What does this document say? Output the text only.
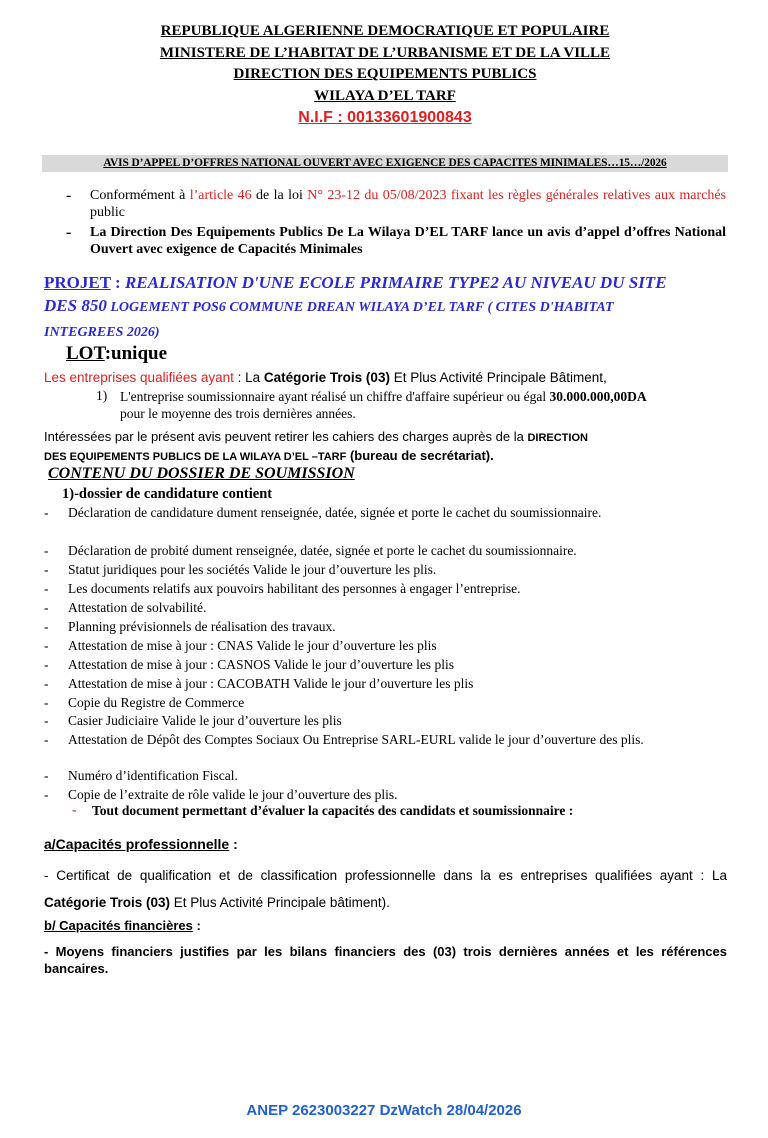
REPUBLIQUE ALGERIENNE DEMOCRATIQUE ET POPULAIRE
MINISTERE DE L’HABITAT DE L’URBANISME ET DE LA VILLE
DIRECTION DES EQUIPEMENTS PUBLICS
WILAYA D’EL TARF
N.I.F : 00133601900843
AVIS D’APPEL D’OFFRES NATIONAL OUVERT AVEC EXIGENCE DES CAPACITES MINIMALES…15…/2026
- Conformément à l’article 46 de la loi N° 23-12 du 05/08/2023 fixant les règles générales relatives aux marchés public
- La Direction Des Equipements Publics De La Wilaya D’EL TARF lance un avis d’appel d’offres National Ouvert avec exigence de Capacités Minimales
PROJET : REALISATION D'UNE ECOLE PRIMAIRE TYPE2 AU NIVEAU DU SITE
DES 850 LOGEMENT POS6 COMMUNE DREAN WILAYA D’EL TARF ( CITES D'HABITAT
INTEGREES 2026)
LOT:unique
Les entreprises qualifiées ayant : La Catégorie Trois (03) Et Plus Activité Principale Bâtiment,
1) L'entreprise soumissionnaire ayant réalisé un chiffre d'affaire supérieur ou égal 30.000.000,00DA
pour le moyenne des trois dernières années.
Intéressées par le présent avis peuvent retirer les cahiers des charges auprès de la DIRECTION
DES EQUIPEMENTS PUBLICS DE LA WILAYA D’EL –TARF (bureau de secrétariat).
CONTENU DU DOSSIER DE SOUMISSION
1)-dossier de candidature contient
- Déclaration de candidature dument renseignée, datée, signée et porte le cachet du soumissionnaire.
- Déclaration de probité dument renseignée, datée, signée et porte le cachet du soumissionnaire.
- Statut juridiques pour les sociétés Valide le jour d’ouverture les plis.
- Les documents relatifs aux pouvoirs habilitant des personnes à engager l’entreprise.
- Attestation de solvabilité.
- Planning prévisionnels de réalisation des travaux.
- Attestation de mise à jour : CNAS Valide le jour d’ouverture les plis
- Attestation de mise à jour : CASNOS Valide le jour d’ouverture les plis
- Attestation de mise à jour : CACOBATH Valide le jour d’ouverture les plis
- Copie du Registre de Commerce
- Casier Judiciaire Valide le jour d’ouverture les plis
- Attestation de Dépôt des Comptes Sociaux Ou Entreprise SARL-EURL valide le jour d’ouverture des plis.
- Numéro d’identification Fiscal.
- Copie de l’extraite de rôle valide le jour d’ouverture des plis.
- Tout document permettant d’évaluer la capacités des candidats et soumissionnaire :
a/Capacités professionnelle :
- Certificat de qualification et de classification professionnelle dans la es entreprises qualifiées ayant : La Catégorie Trois (03) Et Plus Activité Principale bâtiment).
b/ Capacités financières :
- Moyens financiers justifies par les bilans financiers des (03) trois dernières années et les références bancaires.
ANEP 2623003227 DzWatch 28/04/2026
